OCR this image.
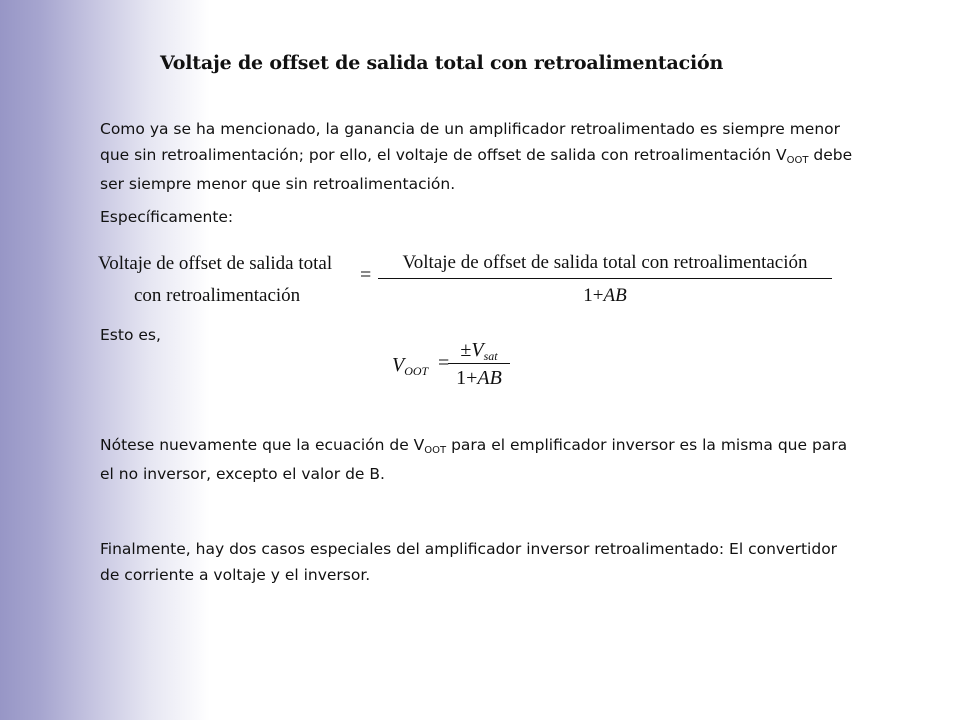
Voltaje de offset de salida total con retroalimentación
Como ya se ha mencionado, la ganancia de un amplificador retroalimentado es siempre menor que sin retroalimentación; por ello, el voltaje de offset de salida con retroalimentación VOOT debe ser siempre menor que sin retroalimentación.
Específicamente:
Voltaje de offset de salida total
con retroalimentación
=
Voltaje de offset de salida total con retroalimentación
1+AB
Esto es,
$V_{OOT}$ =
$\pm V_{sat}$
1+AB
Nótese nuevamente que la ecuación de VOOT para el emplificador inversor es la misma que para el no inversor, excepto el valor de B.
Finalmente, hay dos casos especiales del amplificador inversor retroalimentado: El convertidor de corriente a voltaje y el inversor.
